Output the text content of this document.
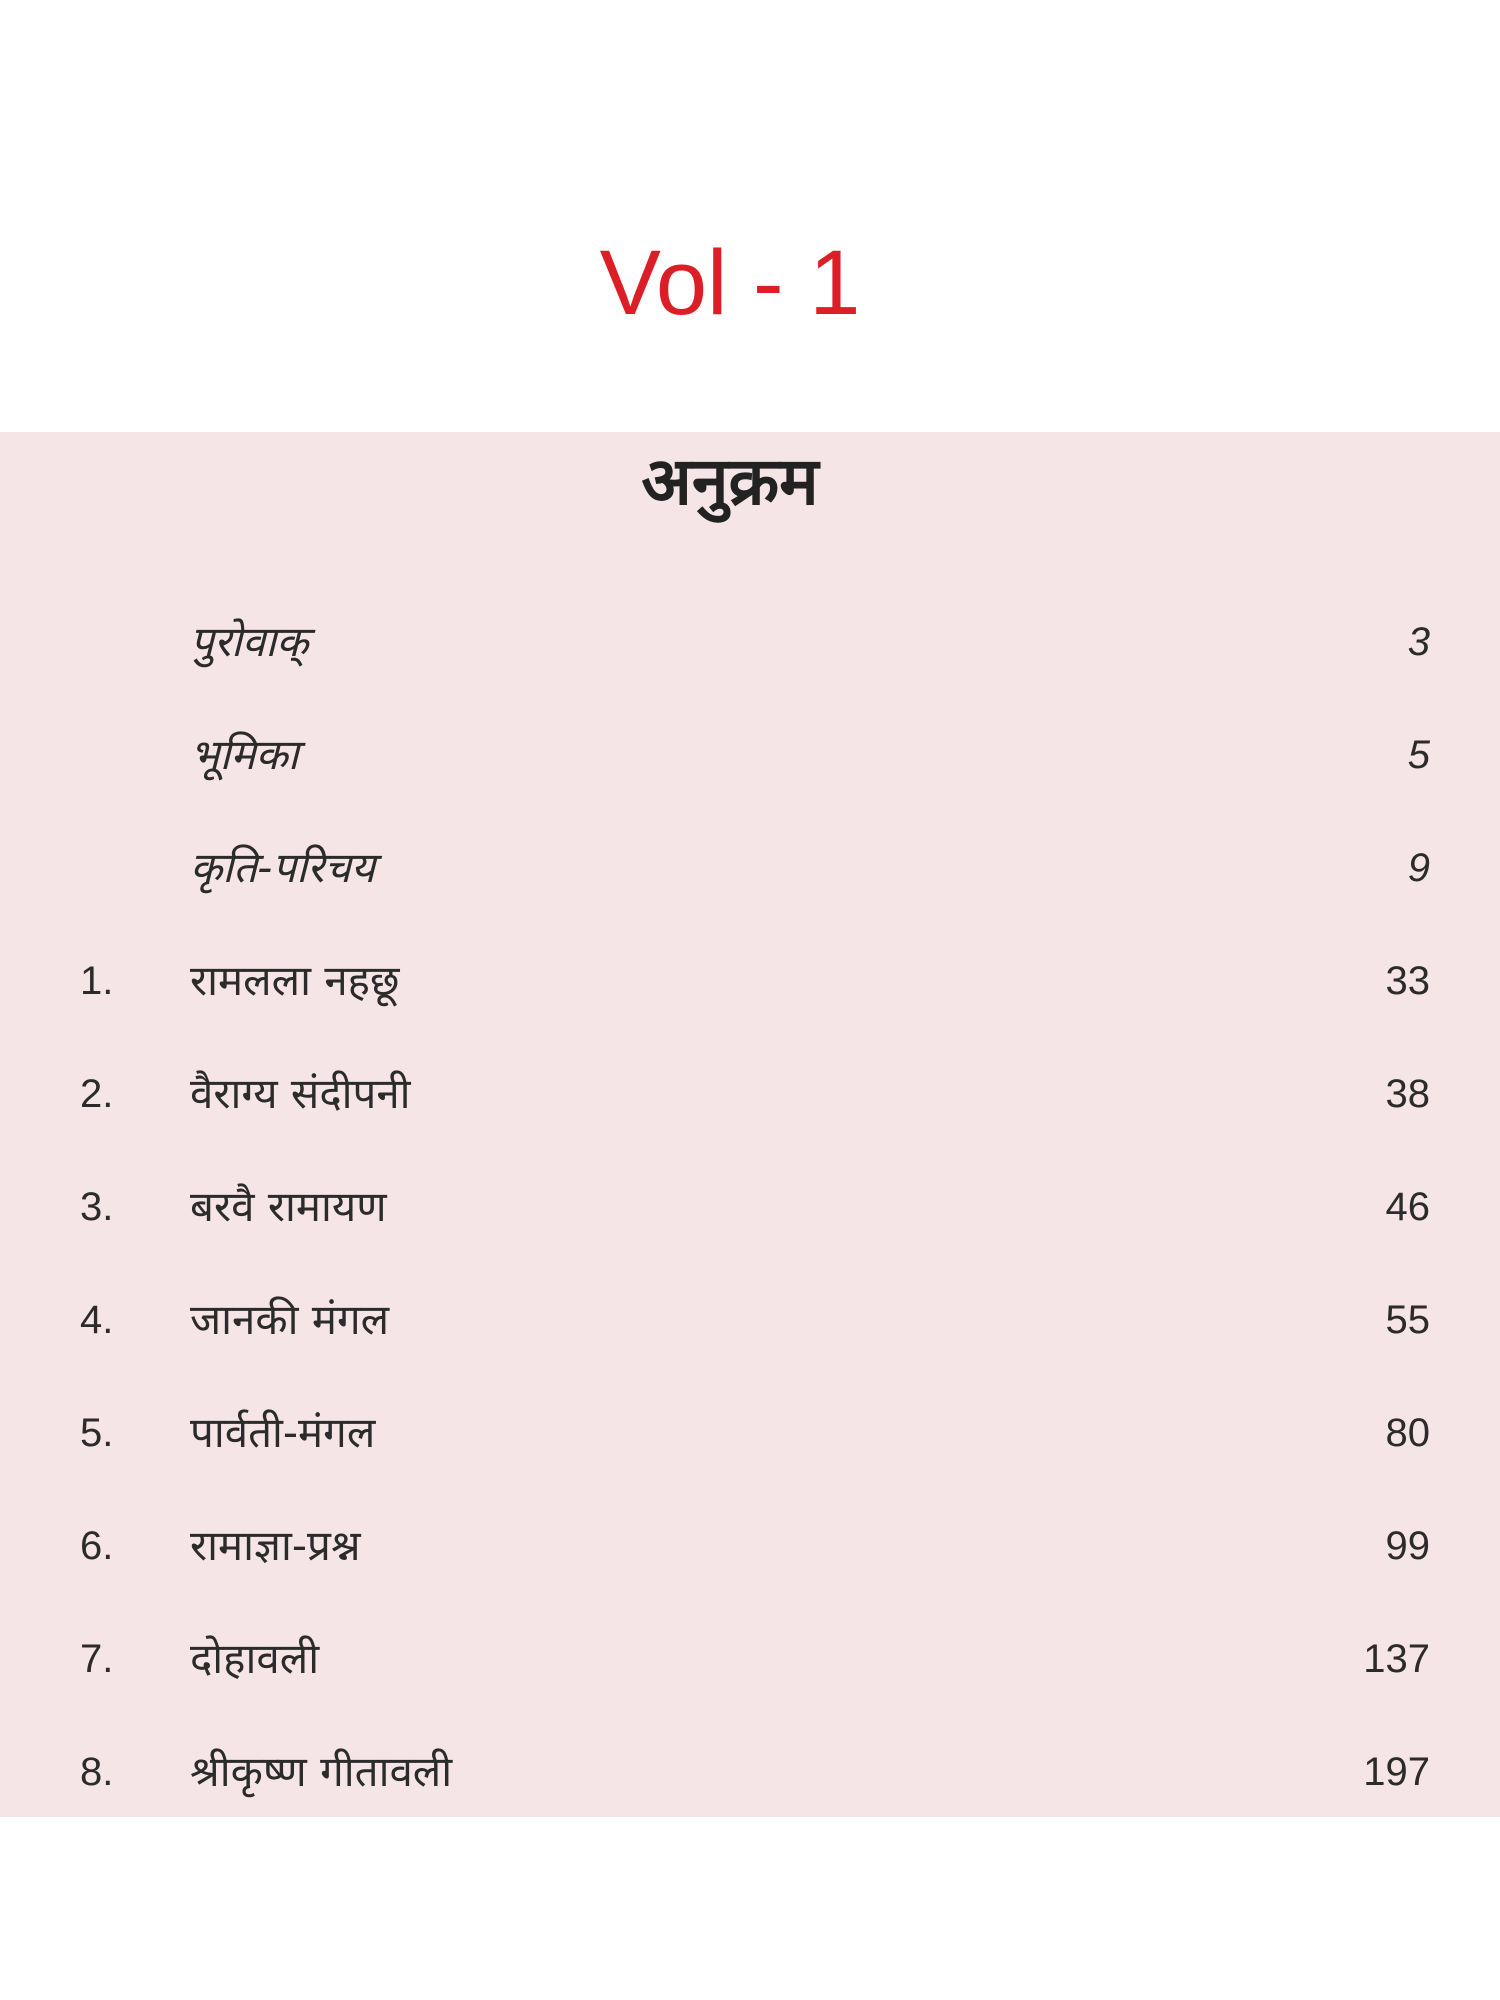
Vol - 1
अनुक्रम
पुरोवाक्	3
भूमिका	5
कृति-परिचय	9
1. रामलला नहछू	33
2. वैराग्य संदीपनी	38
3. बरवै रामायण	46
4. जानकी मंगल	55
5. पार्वती-मंगल	80
6. रामाज्ञा-प्रश्न	99
7. दोहावली	137
8. श्रीकृष्ण गीतावली	197
